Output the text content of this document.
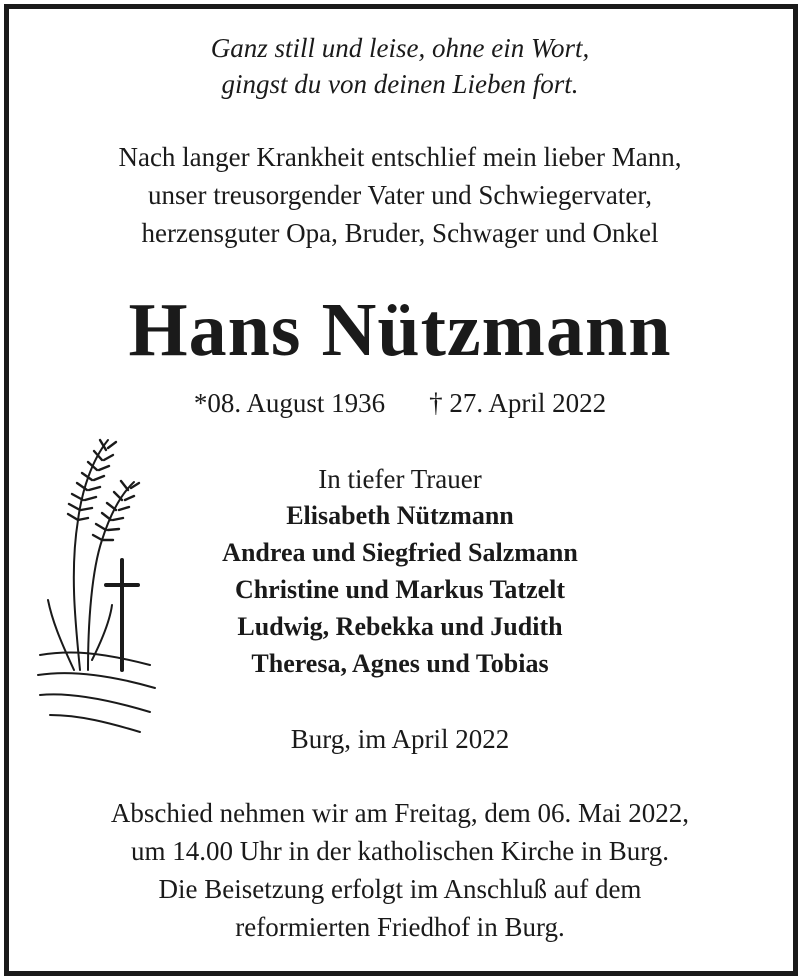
Ganz still und leise, ohne ein Wort,
gingst du von deinen Lieben fort.
Nach langer Krankheit entschlief mein lieber Mann,
unser treusorgender Vater und Schwiegervater,
herzensguter Opa, Bruder, Schwager und Onkel
Hans Nützmann
*08. August 1936 † 27. April 2022
In tiefer Trauer
Elisabeth Nützmann
Andrea und Siegfried Salzmann
Christine und Markus Tatzelt
Ludwig, Rebekka und Judith
Theresa, Agnes und Tobias
Burg, im April 2022
Abschied nehmen wir am Freitag, dem 06. Mai 2022,
um 14.00 Uhr in der katholischen Kirche in Burg.
Die Beisetzung erfolgt im Anschluß auf dem
reformierten Friedhof in Burg.
